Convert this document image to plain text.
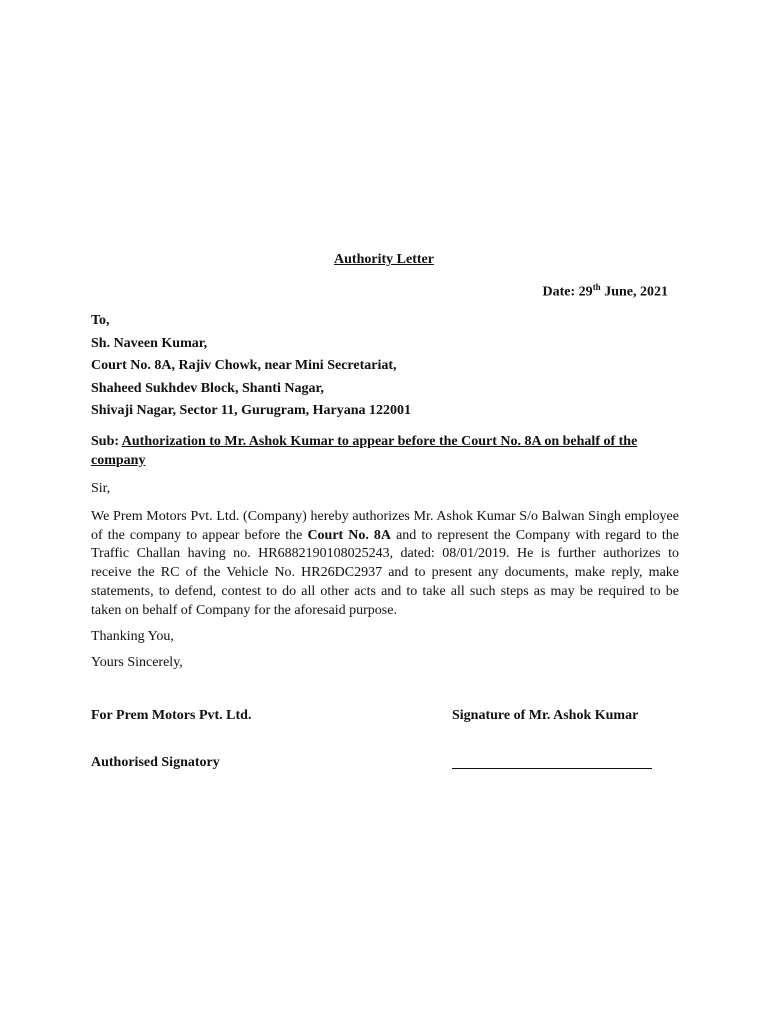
Authority Letter
Date: 29th June, 2021
To,
Sh. Naveen Kumar,
Court No. 8A, Rajiv Chowk, near Mini Secretariat,
Shaheed Sukhdev Block, Shanti Nagar,
Shivaji Nagar, Sector 11, Gurugram, Haryana 122001
Sub: Authorization to Mr. Ashok Kumar to appear before the Court No. 8A on behalf of the company
Sir,
We Prem Motors Pvt. Ltd. (Company) hereby authorizes Mr. Ashok Kumar S/o Balwan Singh employee of the company to appear before the Court No. 8A and to represent the Company with regard to the Traffic Challan having no. HR6882190108025243, dated: 08/01/2019. He is further authorizes to receive the RC of the Vehicle No. HR26DC2937 and to present any documents, make reply, make statements, to defend, contest to do all other acts and to take all such steps as may be required to be taken on behalf of Company for the aforesaid purpose.
Thanking You,
Yours Sincerely,
For Prem Motors Pvt. Ltd.	Signature of Mr. Ashok Kumar
Authorised Signatory
